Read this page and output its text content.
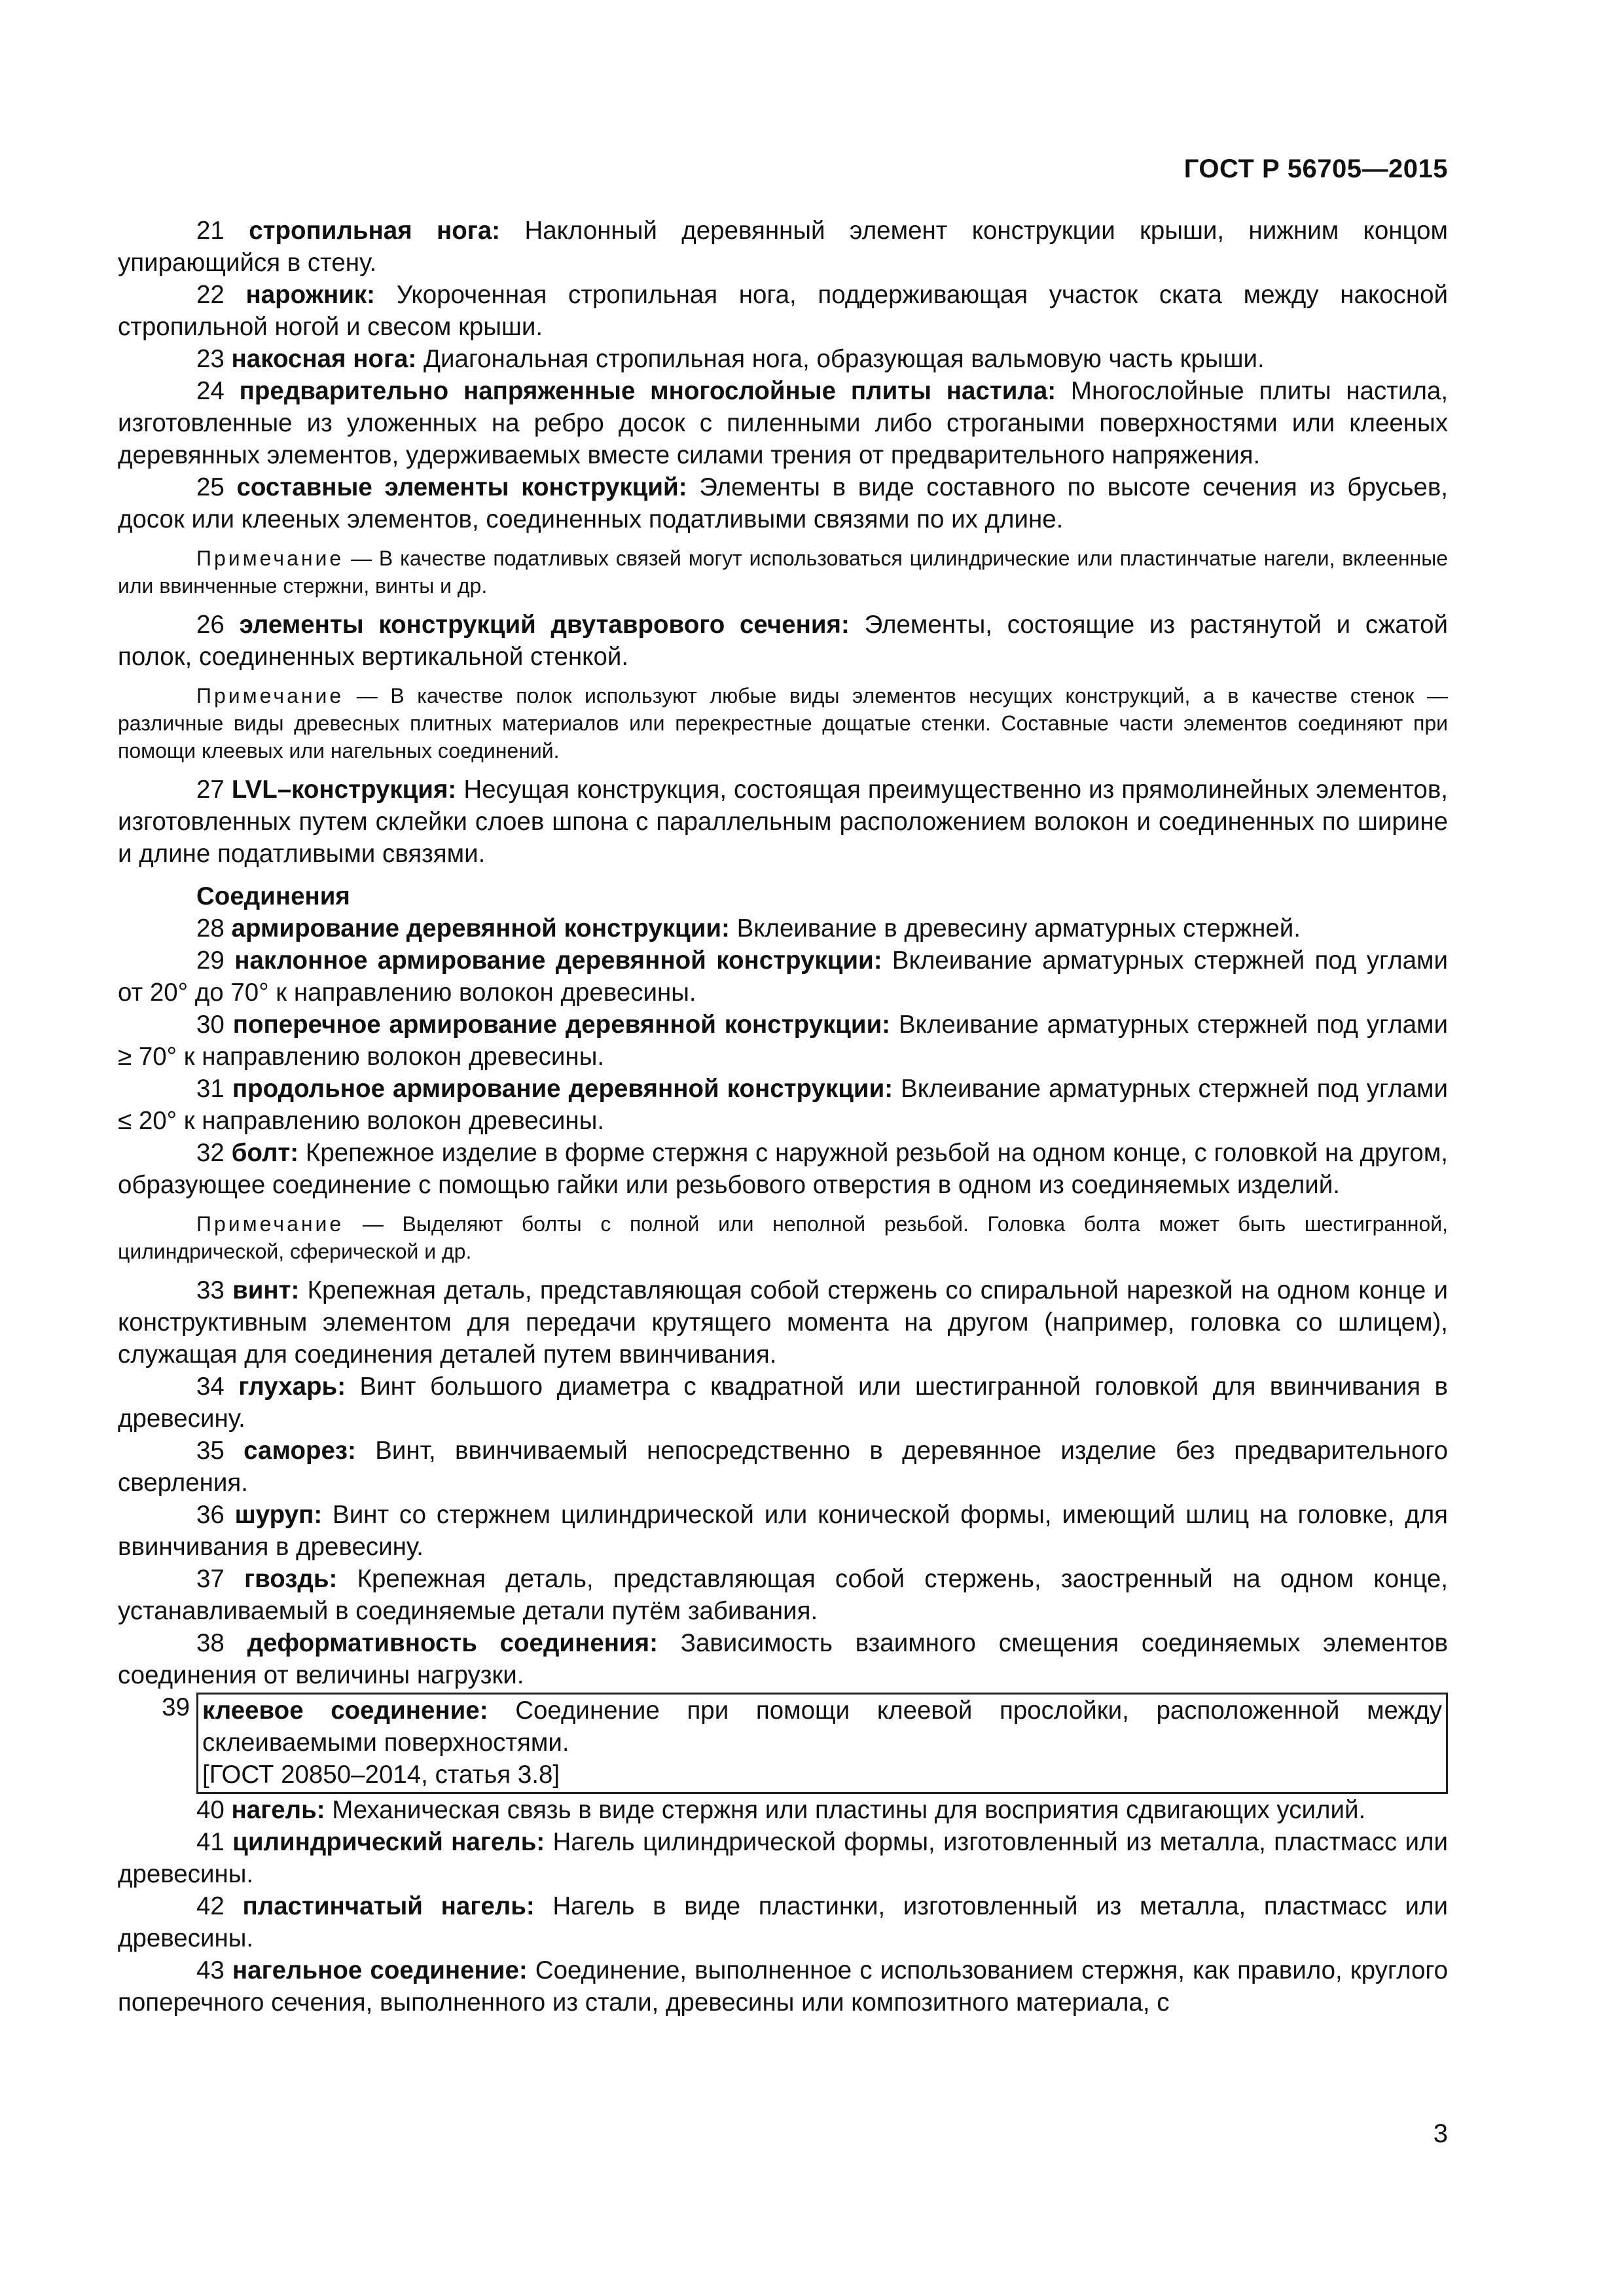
ГОСТ Р 56705—2015
21 стропильная нога: Наклонный деревянный элемент конструкции крыши, нижним концом упирающийся в стену.
22 нарожник: Укороченная стропильная нога, поддерживающая участок ската между накосной стропильной ногой и свесом крыши.
23 накосная нога: Диагональная стропильная нога, образующая вальмовую часть крыши.
24 предварительно напряженные многослойные плиты настила: Многослойные плиты настила, изготовленные из уложенных на ребро досок с пиленными либо строгаными поверхностями или клееных деревянных элементов, удерживаемых вместе силами трения от предварительного напряжения.
25 составные элементы конструкций: Элементы в виде составного по высоте сечения из брусьев, досок или клееных элементов, соединенных податливыми связями по их длине.
Примечание — В качестве податливых связей могут использоваться цилиндрические или пластинчатые нагели, вклеенные или ввинченные стержни, винты и др.
26 элементы конструкций двутаврового сечения: Элементы, состоящие из растянутой и сжатой полок, соединенных вертикальной стенкой.
Примечание — В качестве полок используют любые виды элементов несущих конструкций, а в качестве стенок — различные виды древесных плитных материалов или перекрестные дощатые стенки. Составные части элементов соединяют при помощи клеевых или нагельных соединений.
27 LVL–конструкция: Несущая конструкция, состоящая преимущественно из прямолинейных элементов, изготовленных путем склейки слоев шпона с параллельным расположением волокон и соединенных по ширине и длине податливыми связями.
Соединения
28 армирование деревянной конструкции: Вклеивание в древесину арматурных стержней.
29 наклонное армирование деревянной конструкции: Вклеивание арматурных стержней под углами от 20° до 70° к направлению волокон древесины.
30 поперечное армирование деревянной конструкции: Вклеивание арматурных стержней под углами ≥ 70° к направлению волокон древесины.
31 продольное армирование деревянной конструкции: Вклеивание арматурных стержней под углами ≤ 20° к направлению волокон древесины.
32 болт: Крепежное изделие в форме стержня с наружной резьбой на одном конце, с головкой на другом, образующее соединение с помощью гайки или резьбового отверстия в одном из соединяемых изделий.
Примечание — Выделяют болты с полной или неполной резьбой. Головка болта может быть шестигранной, цилиндрической, сферической и др.
33 винт: Крепежная деталь, представляющая собой стержень со спиральной нарезкой на одном конце и конструктивным элементом для передачи крутящего момента на другом (например, головка со шлицем), служащая для соединения деталей путем ввинчивания.
34 глухарь: Винт большого диаметра с квадратной или шестигранной головкой для ввинчивания в древесину.
35 саморез: Винт, ввинчиваемый непосредственно в деревянное изделие без предварительного сверления.
36 шуруп: Винт со стержнем цилиндрической или конической формы, имеющий шлиц на головке, для ввинчивания в древесину.
37 гвоздь: Крепежная деталь, представляющая собой стержень, заостренный на одном конце, устанавливаемый в соединяемые детали путём забивания.
38 деформативность соединения: Зависимость взаимного смещения соединяемых элементов соединения от величины нагрузки.
39 клеевое соединение: Соединение при помощи клеевой прослойки, расположенной между склеиваемыми поверхностями.
[ГОСТ 20850–2014, статья 3.8]
40 нагель: Механическая связь в виде стержня или пластины для восприятия сдвигающих усилий.
41 цилиндрический нагель: Нагель цилиндрической формы, изготовленный из металла, пластмасс или древесины.
42 пластинчатый нагель: Нагель в виде пластинки, изготовленный из металла, пластмасс или древесины.
43 нагельное соединение: Соединение, выполненное с использованием стержня, как правило, круглого поперечного сечения, выполненного из стали, древесины или композитного материала, с
3
